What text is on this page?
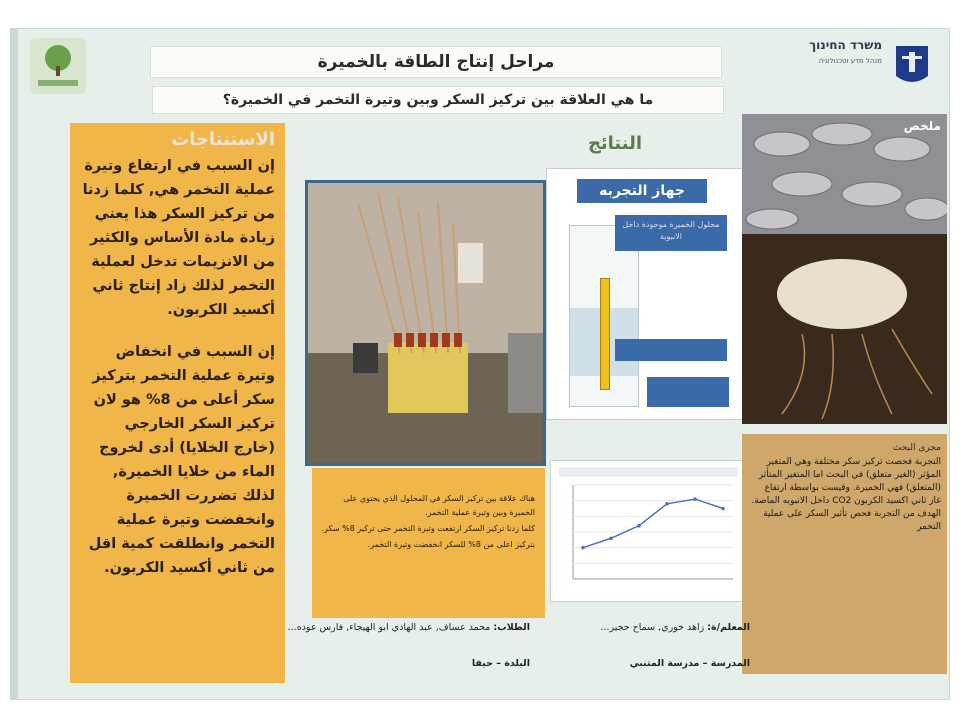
משרד החינוך
מנהל מדע וטכנולוגיה
مراحل إنتاج الطاقة بالخميرة
ما هي العلاقة بين تركيز السكر وبين وتيرة التخمر في الخميرة؟
الاستنتاجات

إن السبب في ارتفاع وتيرة عملية التخمر هي, كلما زدنا من تركيز السكر هذا يعني زيادة مادة الأساس والكثير من الانزيمات تدخل لعملية التخمر لذلك زاد إنتاج ثاني أكسيد الكربون.

إن السبب في انخفاض وتيرة عملية التخمر بتركيز سكر أعلى من 8% هو لان تركيز السكر الخارجي (خارج الخلايا) أدى لخروج الماء من خلايا الخميرة, لذلك تضررت الخميرة وانخفضت وتيرة عملية التخمر وانطلقت كمية اقل من ثاني أكسيد الكربون.

النتائج
جهاز التجربه
محلول الخميرة موجودة داخل الانبوبة
هناك علاقة بين تركيز السكر في المحلول الذي يحتوي على الخميرة وبين وتيرة عملية التخمر.
كلما زدنا تركيز السكر ارتفعت وتيرة التخمر حتى تركيز 8% سكر.
بتركيز اعلى من 8% للسكر انخفضت وتيرة التخمر.
ملخص
مجرى البحث
التجربة فحصت تركيز سكر مختلفة وهي المتغير المؤثر (الغير متعلق) في البحث اما المتغير المتأثر (المتعلق) فهي الخميرة. وقيست بواسطة ارتفاع غاز ثاني اكسيد الكربون CO2 داخل الانبوبه الماصة. الهدف من التجربة فحص تأثير السكر على عملية التخمر
المعلم/ة: زاهد خوري, سماح حجير...
الطلاب: محمد عساف, عبد الهادي ابو الهيجاء, فارس عوده...
المدرسة – مدرسة المتنبي
البلدة – حيفا
